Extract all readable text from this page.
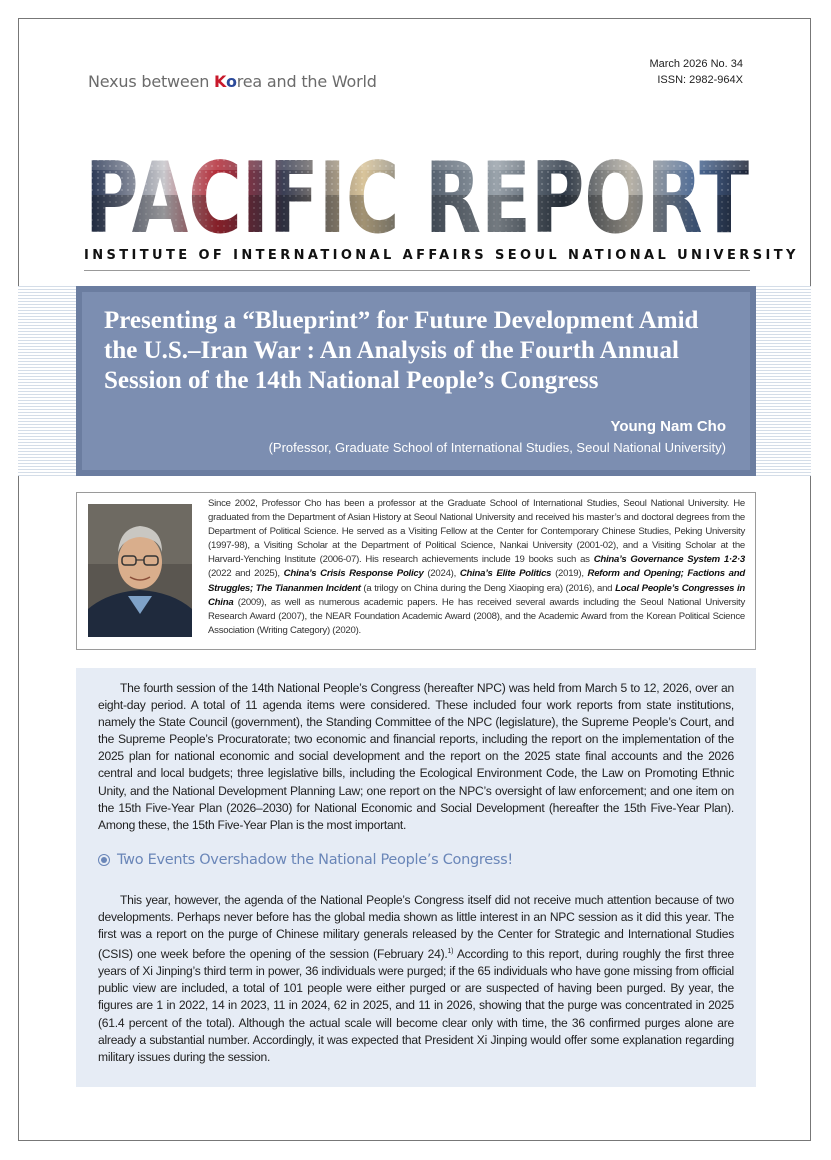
Nexus between Korea and the World
March 2026 No. 34
ISSN: 2982-964X
INSTITUTE OF INTERNATIONAL AFFAIRS SEOUL NATIONAL UNIVERSITY
Presenting a “Blueprint” for Future Development Amid the U.S.–Iran War : An Analysis of the Fourth Annual Session of the 14th National People’s Congress
Young Nam Cho
(Professor, Graduate School of International Studies, Seoul National University)
Since 2002, Professor Cho has been a professor at the Graduate School of International Studies, Seoul National University. He graduated from the Department of Asian History at Seoul National University and received his master’s and doctoral degrees from the Department of Political Science. He served as a Visiting Fellow at the Center for Contemporary Chinese Studies, Peking University (1997-98), a Visiting Scholar at the Department of Political Science, Nankai University (2001-02), and a Visiting Scholar at the Harvard-Yenching Institute (2006-07). His research achievements include 19 books such as China’s Governance System 1·2·3 (2022 and 2025), China’s Crisis Response Policy (2024), China’s Elite Politics (2019), Reform and Opening; Factions and Struggles; The Tiananmen Incident (a trilogy on China during the Deng Xiaoping era) (2016), and Local People’s Congresses in China (2009), as well as numerous academic papers. He has received several awards including the Seoul National University Research Award (2007), the NEAR Foundation Academic Award (2008), and the Academic Award from the Korean Political Science Association (Writing Category) (2020).

The fourth session of the 14th National People’s Congress (hereafter NPC) was held from March 5 to 12, 2026, over an eight-day period. A total of 11 agenda items were considered. These included four work reports from state institutions, namely the State Council (government), the Standing Committee of the NPC (legislature), the Supreme People’s Court, and the Supreme People’s Procuratorate; two economic and financial reports, including the report on the implementation of the 2025 plan for national economic and social development and the report on the 2025 state final accounts and the 2026 central and local budgets; three legislative bills, including the Ecological Environment Code, the Law on Promoting Ethnic Unity, and the National Development Planning Law; one report on the NPC’s oversight of law enforcement; and one item on the 15th Five-Year Plan (2026–2030) for National Economic and Social Development (hereafter the 15th Five-Year Plan). Among these, the 15th Five-Year Plan is the most important.

Two Events Overshadow the National People’s Congress!

This year, however, the agenda of the National People’s Congress itself did not receive much attention because of two developments. Perhaps never before has the global media shown as little interest in an NPC session as it did this year. The first was a report on the purge of Chinese military generals released by the Center for Strategic and International Studies (CSIS) one week before the opening of the session (February 24).$^{1)}$ According to this report, during roughly the first three years of Xi Jinping’s third term in power, 36 individuals were purged; if the 65 individuals who have gone missing from official public view are included, a total of 101 people were either purged or are suspected of having been purged. By year, the figures are 1 in 2022, 14 in 2023, 11 in 2024, 62 in 2025, and 11 in 2026, showing that the purge was concentrated in 2025 (61.4 percent of the total). Although the actual scale will become clear only with time, the 36 confirmed purges alone are already a substantial number. Accordingly, it was expected that President Xi Jinping would offer some explanation regarding military issues during the session.
